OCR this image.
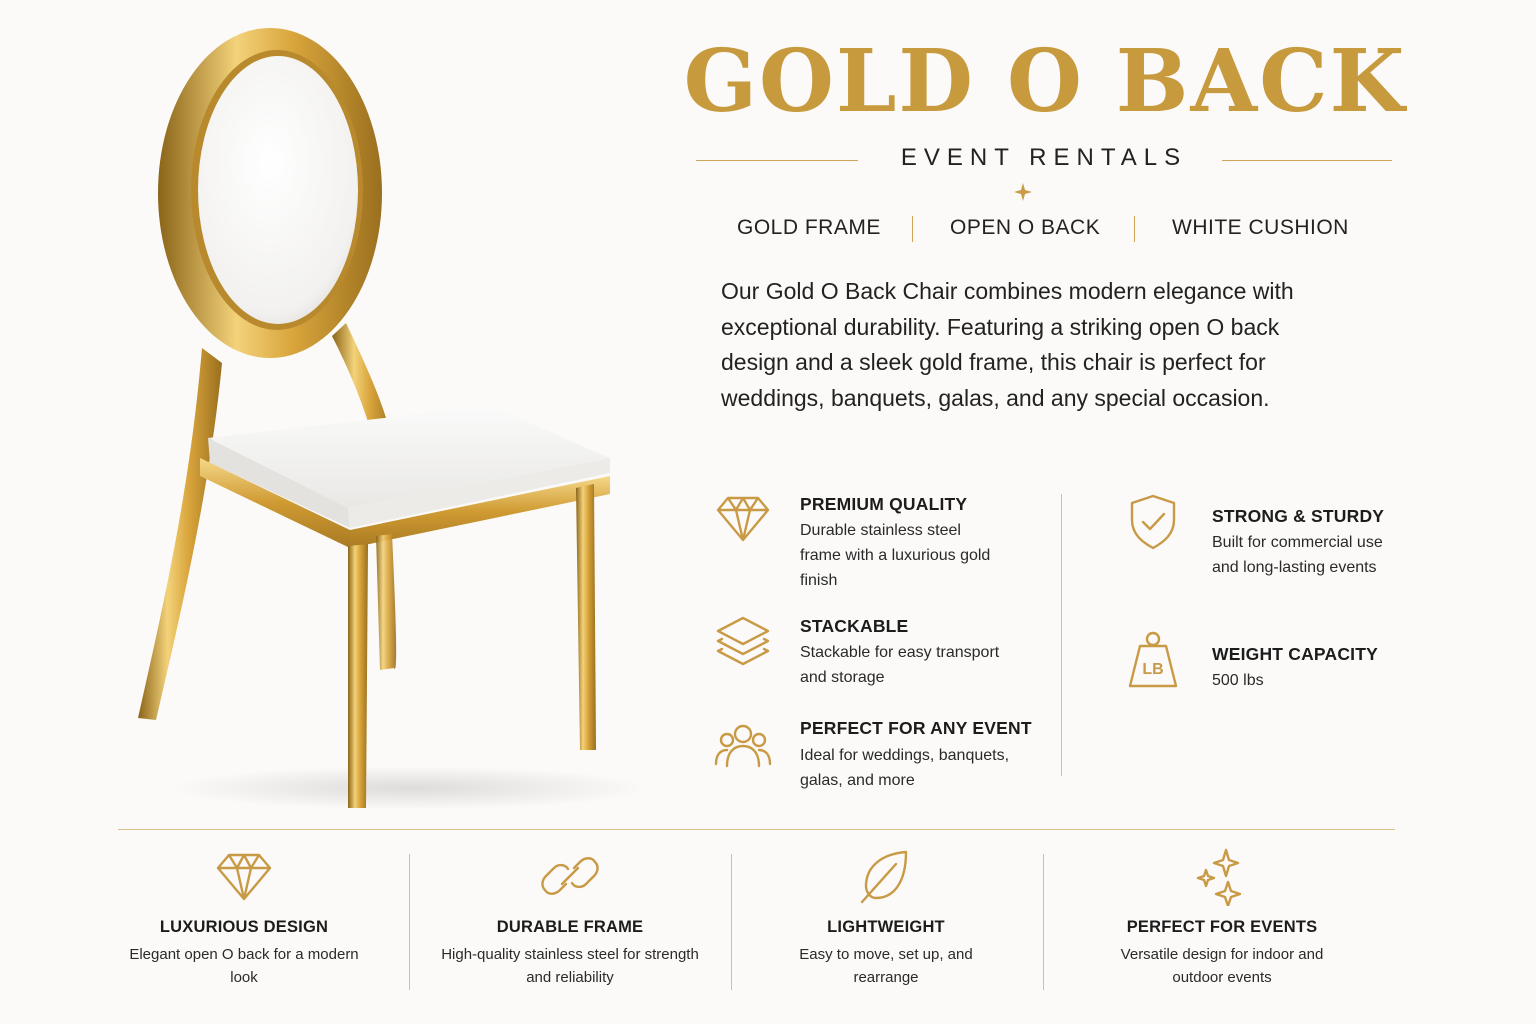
GOLD O BACK
EVENT RENTALS
GOLD FRAME	OPEN O BACK	WHITE CUSHION
Our Gold O Back Chair combines modern elegance with exceptional durability. Featuring a striking open O back design and a sleek gold frame, this chair is perfect for weddings, banquets, galas, and any special occasion.
PREMIUM QUALITY
Durable stainless steel frame with a luxurious gold finish
STACKABLE
Stackable for easy transport and storage
PERFECT FOR ANY EVENT
Ideal for weddings, banquets, galas, and more
STRONG & STURDY
Built for commercial use and long-lasting events
LB
WEIGHT CAPACITY
500 lbs
LUXURIOUS DESIGN
Elegant open O back for a modern look
DURABLE FRAME
High-quality stainless steel for strength and reliability
LIGHTWEIGHT
Easy to move, set up, and rearrange
PERFECT FOR EVENTS
Versatile design for indoor and outdoor events
